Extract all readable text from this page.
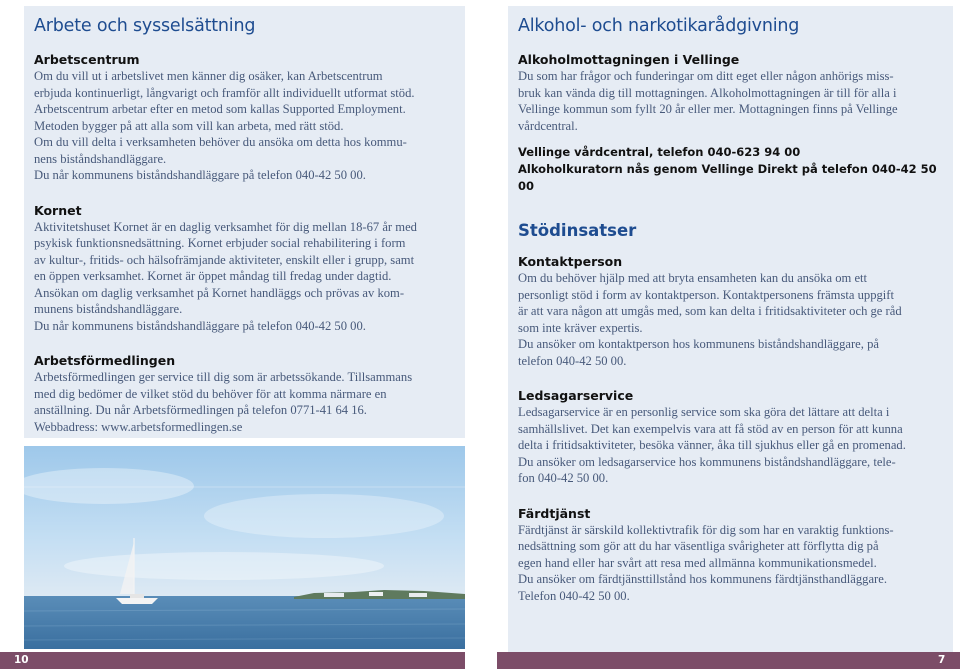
Arbete och sysselsättning
Arbetscentrum

Om du vill ut i arbetslivet men känner dig osäker, kan Arbetscentrum
erbjuda kontinuerligt, långvarigt och framför allt individuellt utformat stöd.
Arbetscentrum arbetar efter en metod som kallas Supported Employment.
Metoden bygger på att alla som vill kan arbeta, med rätt stöd.
Om du vill delta i verksamheten behöver du ansöka om detta hos kommu-
nens biståndshandläggare.
Du når kommunens biståndshandläggare på telefon 040-42 50 00.

Kornet

Aktivitetshuset Kornet är en daglig verksamhet för dig mellan 18-67 år med
psykisk funktionsnedsättning. Kornet erbjuder social rehabilitering i form
av kultur-, fritids- och hälsofrämjande aktiviteter, enskilt eller i grupp, samt
en öppen verksamhet. Kornet är öppet måndag till fredag under dagtid.
Ansökan om daglig verksamhet på Kornet handläggs och prövas av kom-
munens biståndshandläggare.
Du når kommunens biståndshandläggare på telefon 040-42 50 00.

Arbetsförmedlingen

Arbetsförmedlingen ger service till dig som är arbetssökande. Tillsammans
med dig bedömer de vilket stöd du behöver för att komma närmare en
anställning. Du når Arbetsförmedlingen på telefon 0771-41 64 16.
Webbadress: www.arbetsformedlingen.se

Alkohol- och narkotikarådgivning
Alkoholmottagningen i Vellinge

Du som har frågor och funderingar om ditt eget eller någon anhörigs miss-
bruk kan vända dig till mottagningen. Alkoholmottagningen är till för alla i
Vellinge kommun som fyllt 20 år eller mer. Mottagningen finns på Vellinge
vårdcentral.

Vellinge vårdcentral, telefon 040-623 94 00

Alkoholkuratorn nås genom Vellinge Direkt på telefon 040-42 50 00

Stödinsatser
Kontaktperson

Om du behöver hjälp med att bryta ensamheten kan du ansöka om ett
personligt stöd i form av kontaktperson. Kontaktpersonens främsta uppgift
är att vara någon att umgås med, som kan delta i fritidsaktiviteter och ge råd
som inte kräver expertis.
Du ansöker om kontaktperson hos kommunens biståndshandläggare, på
telefon 040-42 50 00.

Ledsagarservice

Ledsagarservice är en personlig service som ska göra det lättare att delta i
samhällslivet. Det kan exempelvis vara att få stöd av en person för att kunna
delta i fritidsaktiviteter, besöka vänner, åka till sjukhus eller gå en promenad.
Du ansöker om ledsagarservice hos kommunens biståndshandläggare, tele-
fon 040-42 50 00.

Färdtjänst

Färdtjänst är särskild kollektivtrafik för dig som har en varaktig funktions-
nedsättning som gör att du har väsentliga svårigheter att förflytta dig på
egen hand eller har svårt att resa med allmänna kommunikationsmedel.
Du ansöker om färdtjänsttillstånd hos kommunens färdtjänsthandläggare.
Telefon 040-42 50 00.

10	7
